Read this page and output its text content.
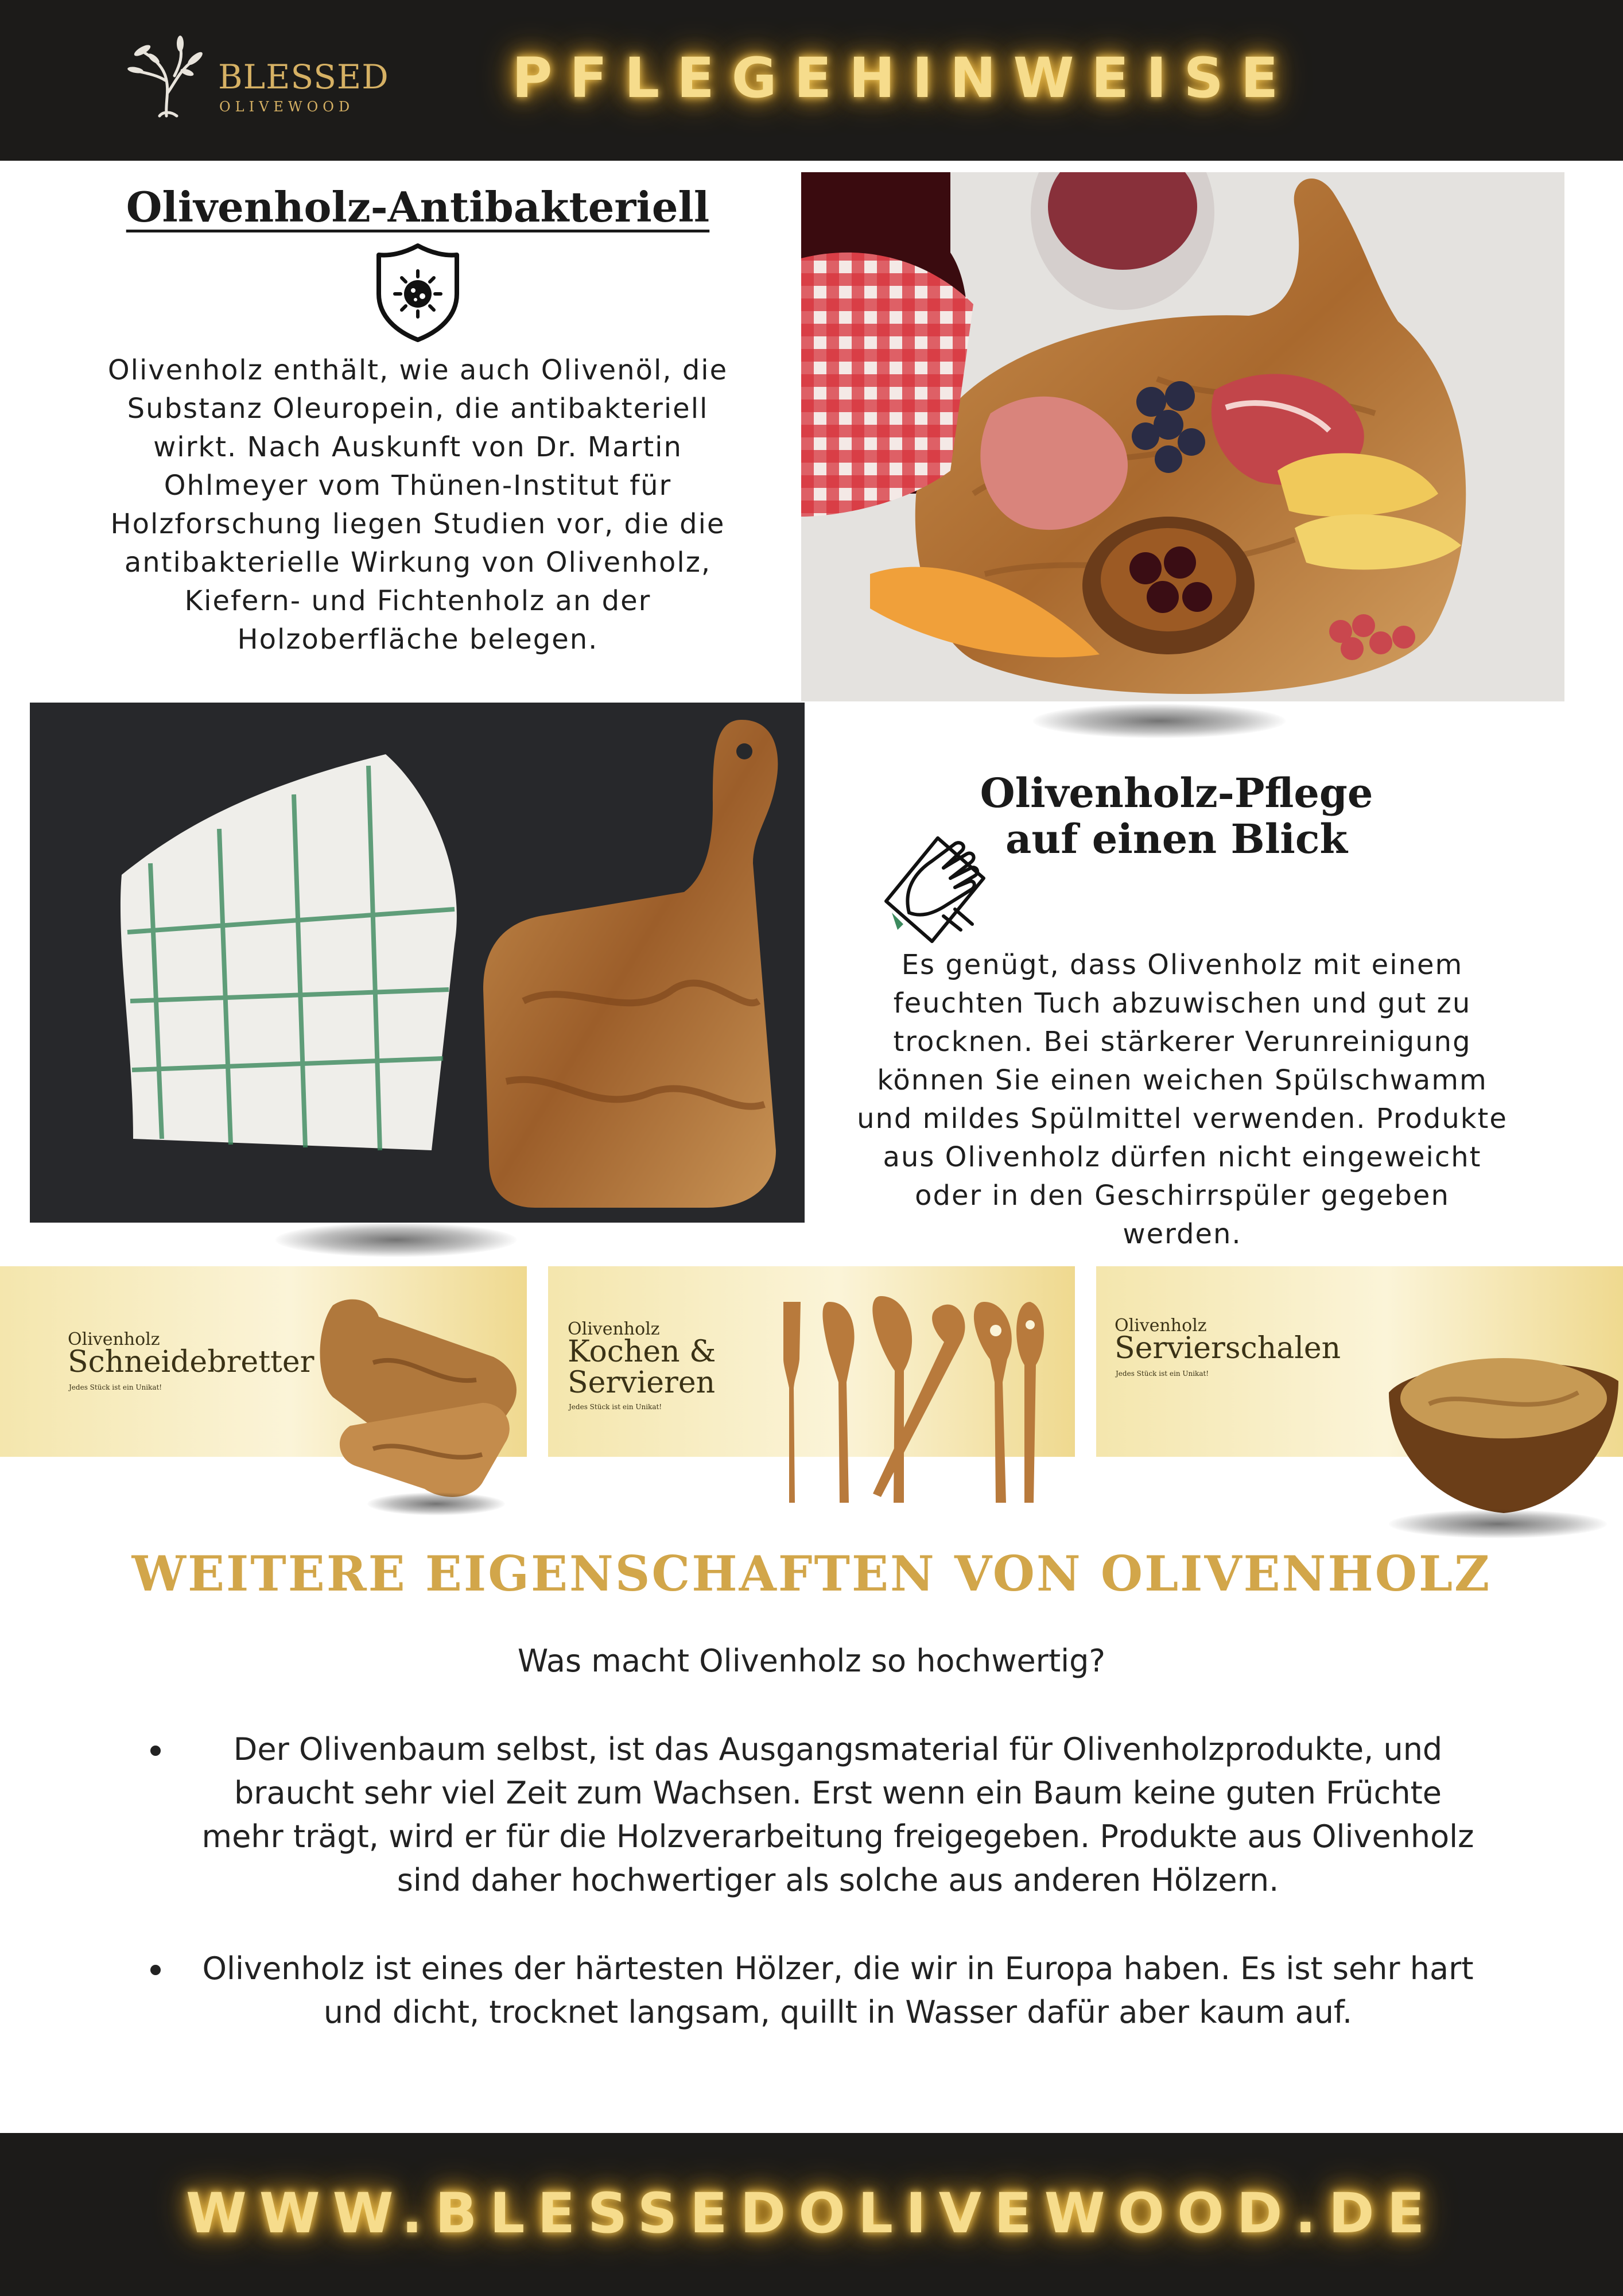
BLESSED
OLIVEWOOD	PFLEGEHINWEISE
Olivenholz-Antibakteriell
Olivenholz enthält, wie auch Olivenöl, die Substanz Oleuropein, die antibakteriell wirkt. Nach Auskunft von Dr. Martin Ohlmeyer vom Thünen-Institut für Holzforschung liegen Studien vor, die die antibakterielle Wirkung von Olivenholz, Kiefern- und Fichtenholz an der Holzoberfläche belegen.
Olivenholz-Pflege
auf einen Blick
Es genügt, dass Olivenholz mit einem feuchten Tuch abzuwischen und gut zu trocknen. Bei stärkerer Verunreinigung können Sie einen weichen Spülschwamm und mildes Spülmittel verwenden. Produkte aus Olivenholz dürfen nicht eingeweicht oder in den Geschirrspüler gegeben werden.
Olivenholz
Schneidebretter
Jedes Stück ist ein Unikat!
Olivenholz
Kochen &
Servieren
Jedes Stück ist ein Unikat!
Olivenholz
Servierschalen
Jedes Stück ist ein Unikat!
WEITERE EIGENSCHAFTEN VON OLIVENHOLZ
Was macht Olivenholz so hochwertig?
Der Olivenbaum selbst, ist das Ausgangsmaterial für Olivenholzprodukte, und braucht sehr viel Zeit zum Wachsen. Erst wenn ein Baum keine guten Früchte mehr trägt, wird er für die Holzverarbeitung freigegeben. Produkte aus Olivenholz sind daher hochwertiger als solche aus anderen Hölzern.
Olivenholz ist eines der härtesten Hölzer, die wir in Europa haben. Es ist sehr hart und dicht, trocknet langsam, quillt in Wasser dafür aber kaum auf.
WWW.BLESSEDOLIVEWOOD.DE
